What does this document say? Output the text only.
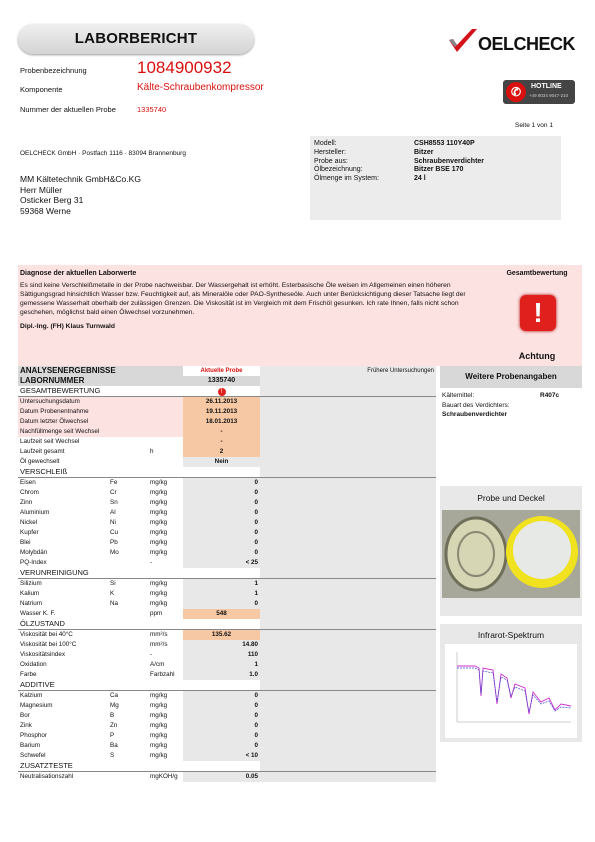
LABORBERICHT	OELCHECK
✆	HOTLINE
+49 8034 9047-210
Probenbezeichnung	1084900932
Komponente	Kälte-Schraubenkompressor
Nummer der aktuellen Probe	1335740
Seite 1 von 1
OELCHECK GmbH · Postfach 1116 · 83094 Brannenburg
MM Kältetechnik GmbH&Co.KG
Herr Müller
Osticker Berg 31
59368 Werne
Modell:	CSH8553 110Y40P
Hersteller:	Bitzer
Probe aus:	Schraubenverdichter
Ölbezeichnung:	Bitzer BSE 170
Ölmenge im System:	24 l
Diagnose der aktuellen Laborwerte
Es sind keine Verschleißmetalle in der Probe nachweisbar. Der Wassergehalt ist erhöht. Esterbasische Öle weisen im Allgemeinen einen höheren Sättigungsgrad hinsichtlich Wasser bzw. Feuchtigkeit auf, als Mineralöle oder PAO-Syntheseöle. Auch unter Berücksichtigung dieser Tatsache liegt der gemessene Wasserhalt oberhalb der zulässigen Grenzen. Die Viskosität ist im Vergleich mit dem Frischöl gesunken. Ich rate Ihnen, falls nicht schon geschehen, möglichst bald einen Ölwechsel vorzunehmen.
Dipl.-Ing. (FH) Klaus Turnwald
Gesamtbewertung
!
Achtung
ANALYSENERGEBNISSE			Aktuelle Probe	Frühere Untersuchungen
LABORNUMMER			1335740	
GESAMTBEWERTUNG			!	
Untersuchungsdatum			26.11.2013	
Datum Probenentnahme			19.11.2013	
Datum letzter Ölwechsel			18.01.2013	
Nachfüllmenge seit Wechsel			-	
Laufzeit seit Wechsel			-	
Laufzeit gesamt		h	2	
Öl gewechselt			Nein	
VERSCHLEIß				
Eisen	Fe	mg/kg	0	
Chrom	Cr	mg/kg	0	
Zinn	Sn	mg/kg	0	
Aluminium	Al	mg/kg	0	
Nickel	Ni	mg/kg	0	
Kupfer	Cu	mg/kg	0	
Blei	Pb	mg/kg	0	
Molybdän	Mo	mg/kg	0	
PQ-Index		-	< 25	
VERUNREINIGUNG				
Silizium	Si	mg/kg	1	
Kalium	K	mg/kg	1	
Natrium	Na	mg/kg	0	
Wasser K. F.		ppm	548	
ÖLZUSTAND				
Viskosität bei 40°C		mm²/s	135.62	
Viskosität bei 100°C		mm²/s	14.80	
Viskositätsindex		-	110	
Oxidation		A/cm	1	
Farbe		Farbzahl	1.0	
ADDITIVE				
Kalzium	Ca	mg/kg	0	
Magnesium	Mg	mg/kg	0	
Bor	B	mg/kg	0	
Zink	Zn	mg/kg	0	
Phosphor	P	mg/kg	0	
Barium	Ba	mg/kg	0	
Schwefel	S	mg/kg	< 10	
ZUSATZTESTE				
Neutralisationszahl		mgKOH/g	0.05	
Weitere Probenangaben
Kältemittel:	R407c
Bauart des Verdichters:
Schraubenverdichter
Probe und Deckel
Infrarot-Spektrum
